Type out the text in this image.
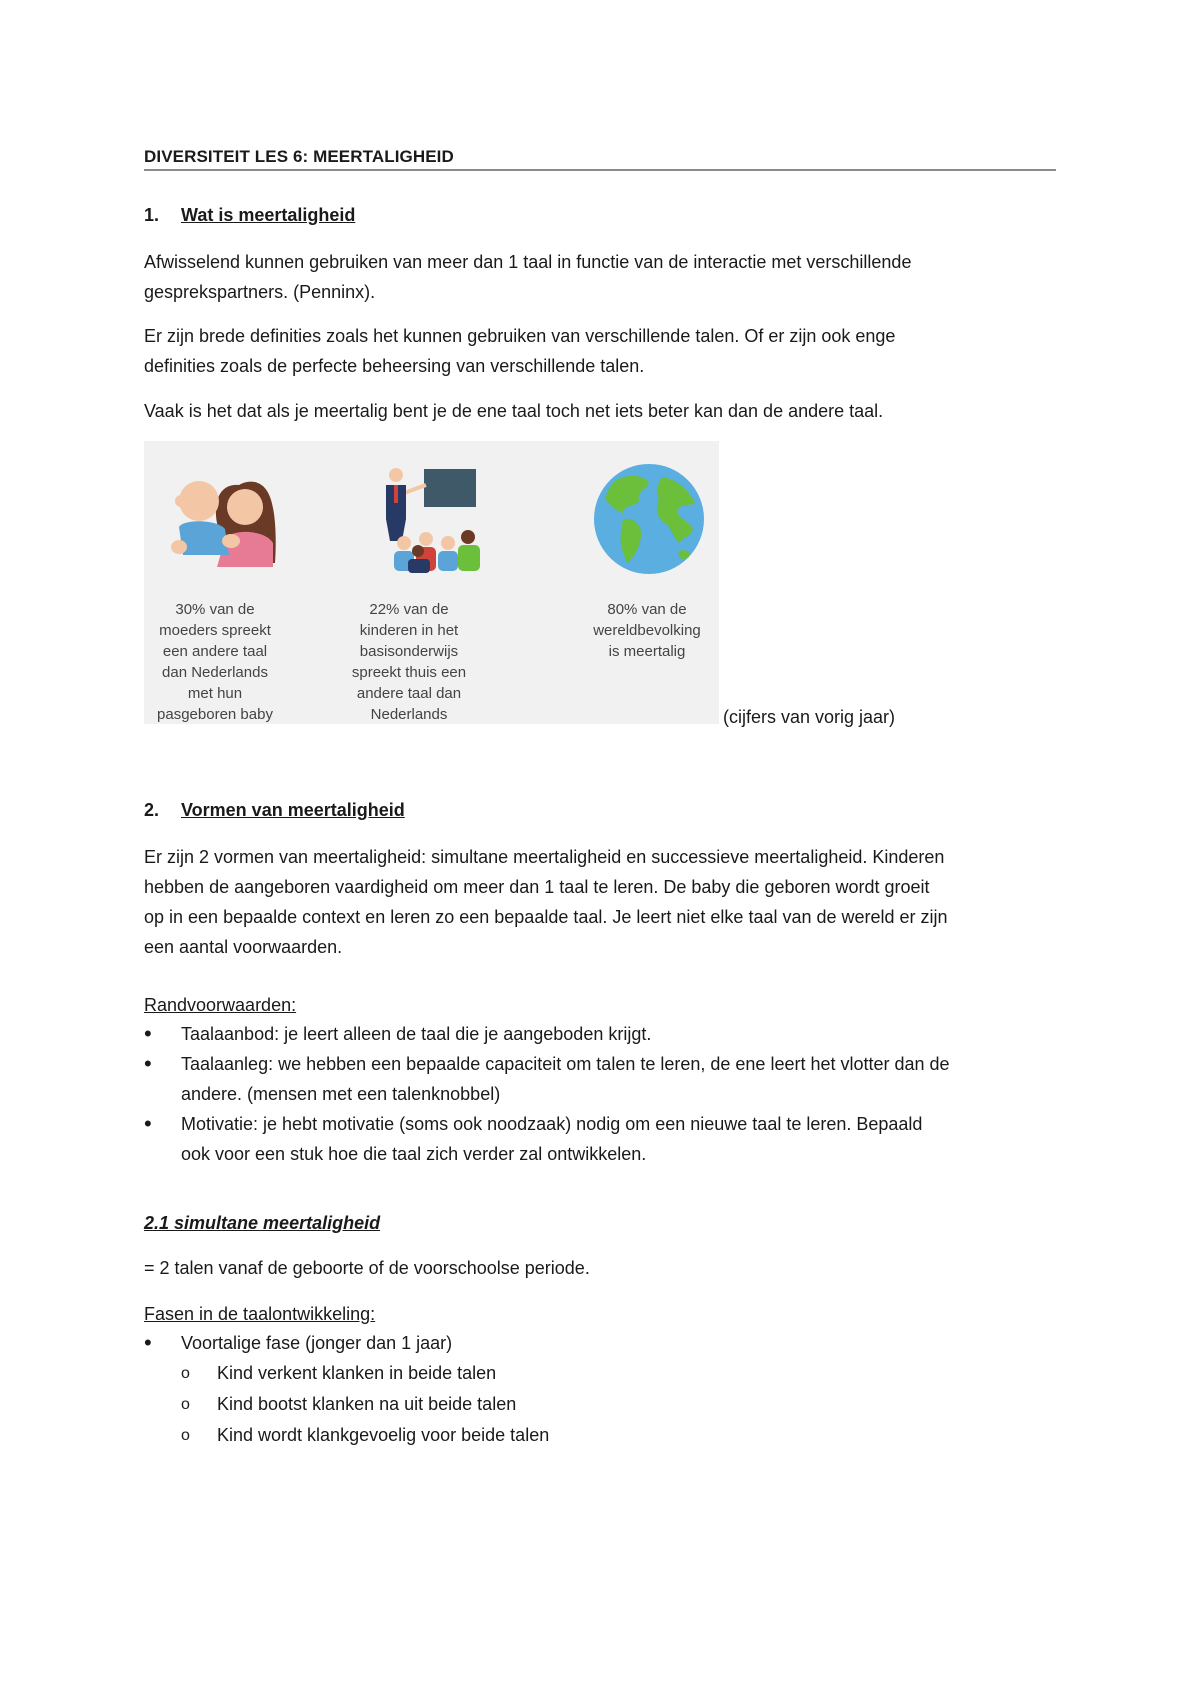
DIVERSITEIT LES 6: MEERTALIGHEID
1. Wat is meertaligheid
Afwisselend kunnen gebruiken van meer dan 1 taal in functie van de interactie met verschillende
gesprekspartners. (Penninx).
Er zijn brede definities zoals het kunnen gebruiken van verschillende talen. Of er zijn ook enge
definities zoals de perfecte beheersing van verschillende talen.
Vaak is het dat als je meertalig bent je de ene taal toch net iets beter kan dan de andere taal.
30% van de
moeders spreekt
een andere taal
dan Nederlands
met hun
pasgeboren baby
22% van de
kinderen in het
basisonderwijs
spreekt thuis een
andere taal dan
Nederlands
80% van de
wereldbevolking
is meertalig
(cijfers van vorig jaar)
2. Vormen van meertaligheid
Er zijn 2 vormen van meertaligheid: simultane meertaligheid en successieve meertaligheid. Kinderen
hebben de aangeboren vaardigheid om meer dan 1 taal te leren. De baby die geboren wordt groeit
op in een bepaalde context en leren zo een bepaalde taal. Je leert niet elke taal van de wereld er zijn
een aantal voorwaarden.
Randvoorwaarden:
• Taalaanbod: je leert alleen de taal die je aangeboden krijgt.
• Taalaanleg: we hebben een bepaalde capaciteit om talen te leren, de ene leert het vlotter dan de
andere. (mensen met een talenknobbel)
• Motivatie: je hebt motivatie (soms ook noodzaak) nodig om een nieuwe taal te leren. Bepaald
ook voor een stuk hoe die taal zich verder zal ontwikkelen.
2.1 simultane meertaligheid
= 2 talen vanaf de geboorte of de voorschoolse periode.
Fasen in de taalontwikkeling:
• Voortalige fase (jonger dan 1 jaar)
o Kind verkent klanken in beide talen
o Kind bootst klanken na uit beide talen
o Kind wordt klankgevoelig voor beide talen
